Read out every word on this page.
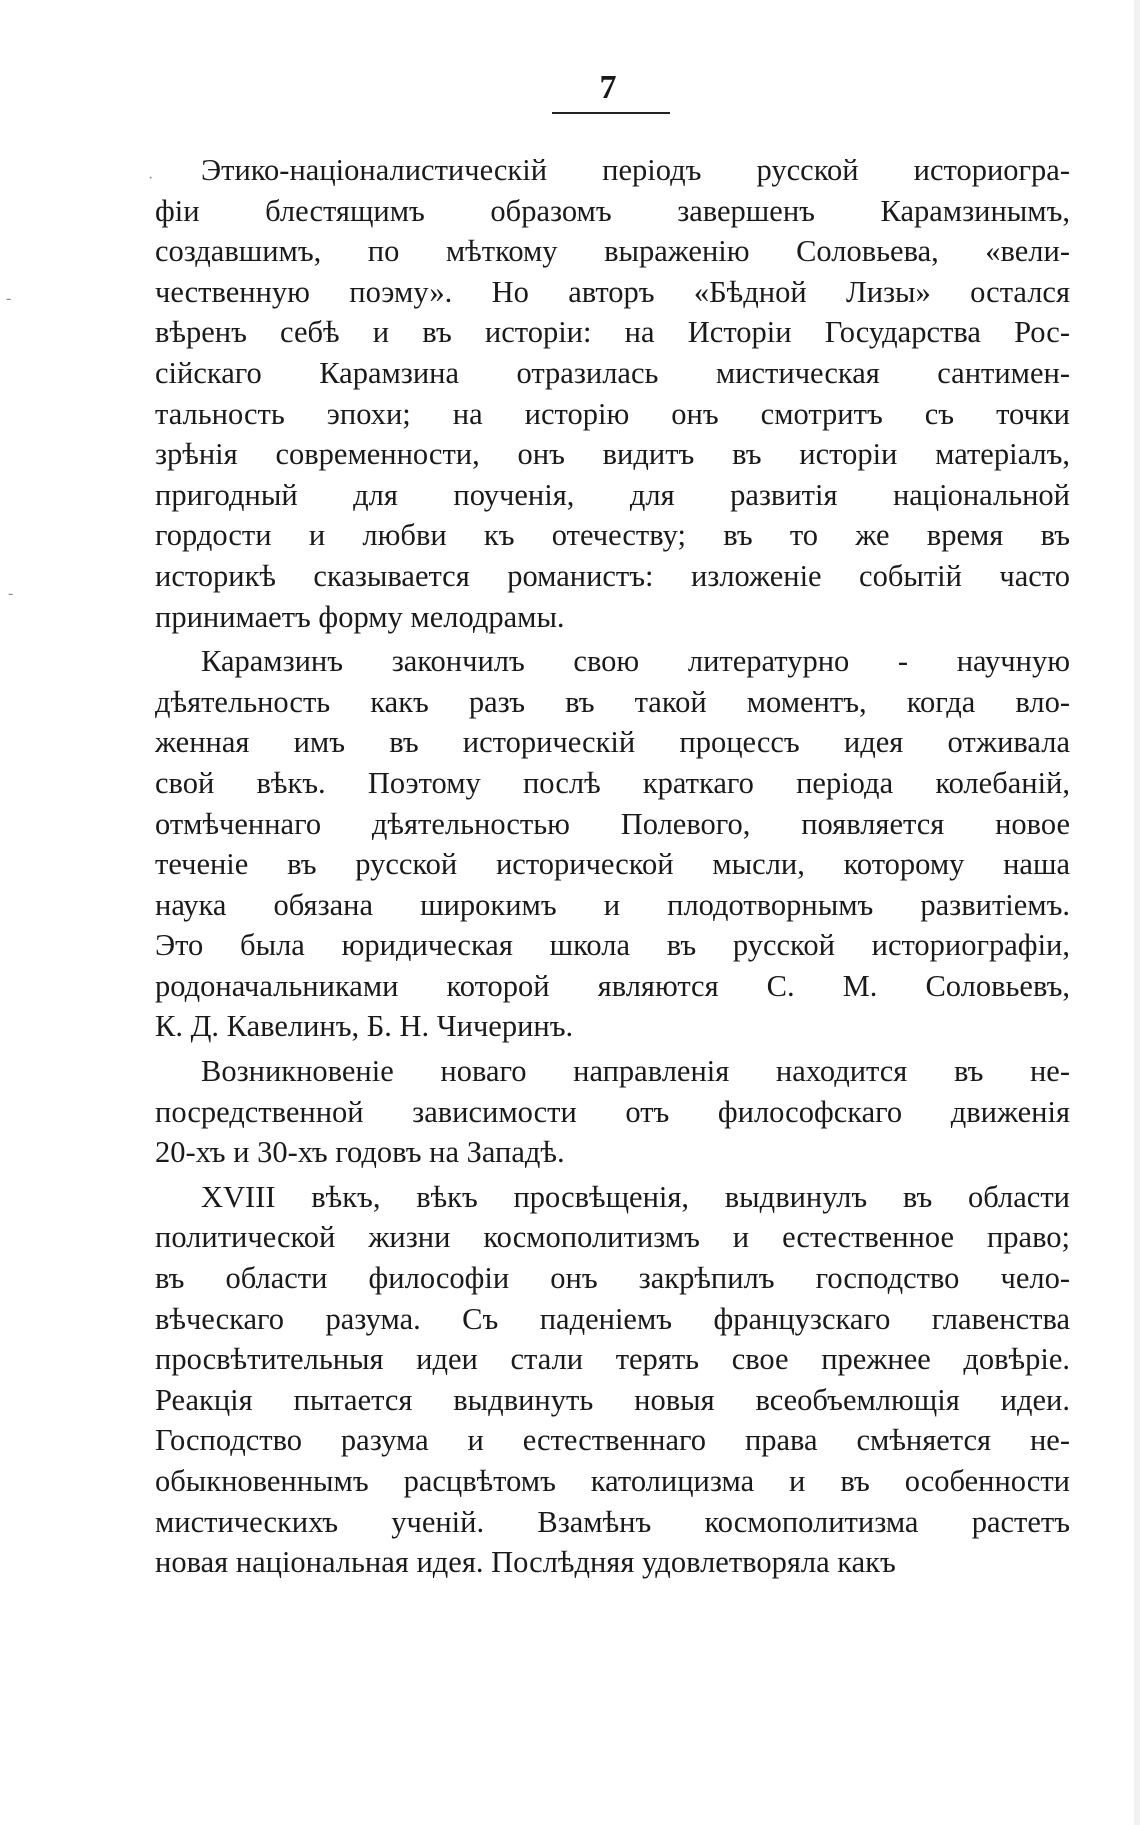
7
·
-
-
Этико-націоналистическій періодъ русской историогра-
фіи блестящимъ образомъ завершенъ Карамзинымъ,
создавшимъ, по мѣткому выраженію Соловьева, «вели-
чественную поэму». Но авторъ «Бѣдной Лизы» остался
вѣренъ себѣ и въ исторіи: на Исторіи Государства Рос-
сійскаго Карамзина отразилась мистическая сантимен-
тальность эпохи; на исторію онъ смотритъ съ точки
зрѣнія современности, онъ видитъ въ исторіи матеріалъ,
пригодный для поученія, для развитія національной
гордости и любви къ отечеству; въ то же время въ
историкѣ сказывается романистъ: изложеніе событій часто
принимаетъ форму мелодрамы.
Карамзинъ закончилъ свою литературно - научную
дѣятельность какъ разъ въ такой моментъ, когда вло-
женная имъ въ историческій процессъ идея отживала
свой вѣкъ. Поэтому послѣ краткаго періода колебаній,
отмѣченнаго дѣятельностью Полевого, появляется новое
теченіе въ русской исторической мысли, которому наша
наука обязана широкимъ и плодотворнымъ развитіемъ.
Это была юридическая школа въ русской историографіи,
родоначальниками которой являются С. М. Соловьевъ,
К. Д. Кавелинъ, Б. Н. Чичеринъ.
Возникновеніе новаго направленія находится въ не-
посредственной зависимости отъ философскаго движенія
20-хъ и 30-хъ годовъ на Западѣ.
XVIII вѣкъ, вѣкъ просвѣщенія, выдвинулъ въ области
политической жизни космополитизмъ и естественное право;
въ области философіи онъ закрѣпилъ господство чело-
вѣческаго разума. Съ паденіемъ французскаго главенства
просвѣтительныя идеи стали терять свое прежнее довѣріе.
Реакція пытается выдвинуть новыя всеобъемлющія идеи.
Господство разума и естественнаго права смѣняется не-
обыкновеннымъ расцвѣтомъ католицизма и въ особенности
мистическихъ ученій. Взамѣнъ космополитизма растетъ
новая національная идея. Послѣдняя удовлетворяла какъ
